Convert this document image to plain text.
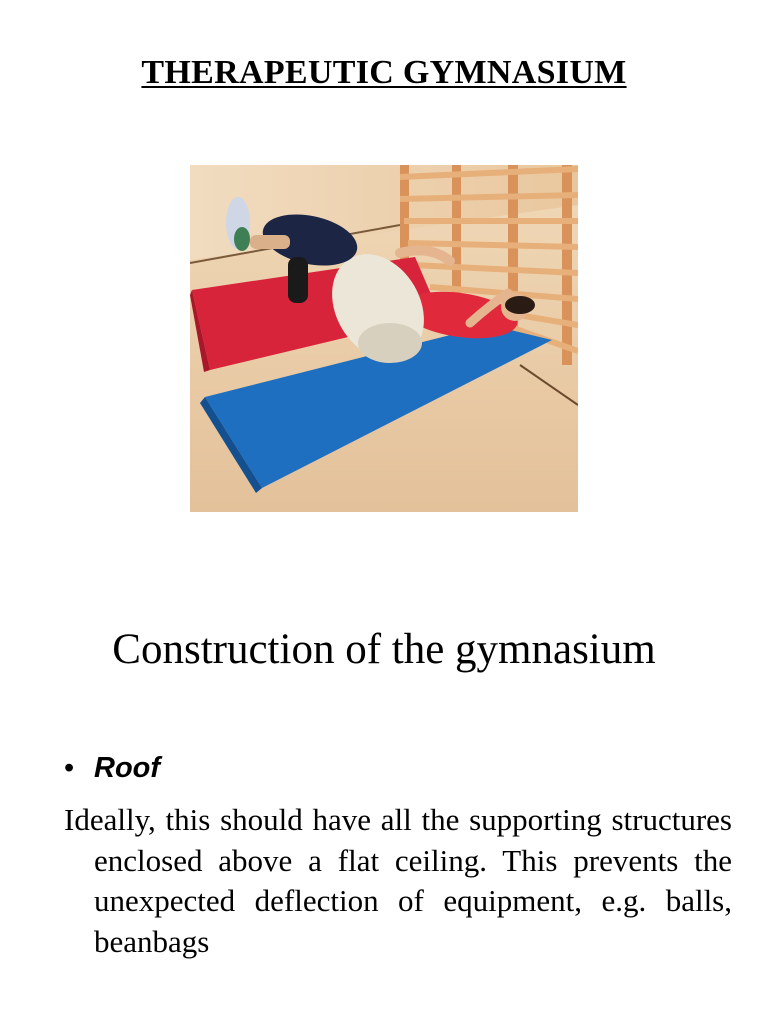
THERAPEUTIC GYMNASIUM
Construction of the gymnasium
• Roof

Ideally, this should have all the supporting structures enclosed above a flat ceiling. This prevents the unexpected deflection of equipment, e.g. balls, beanbags
